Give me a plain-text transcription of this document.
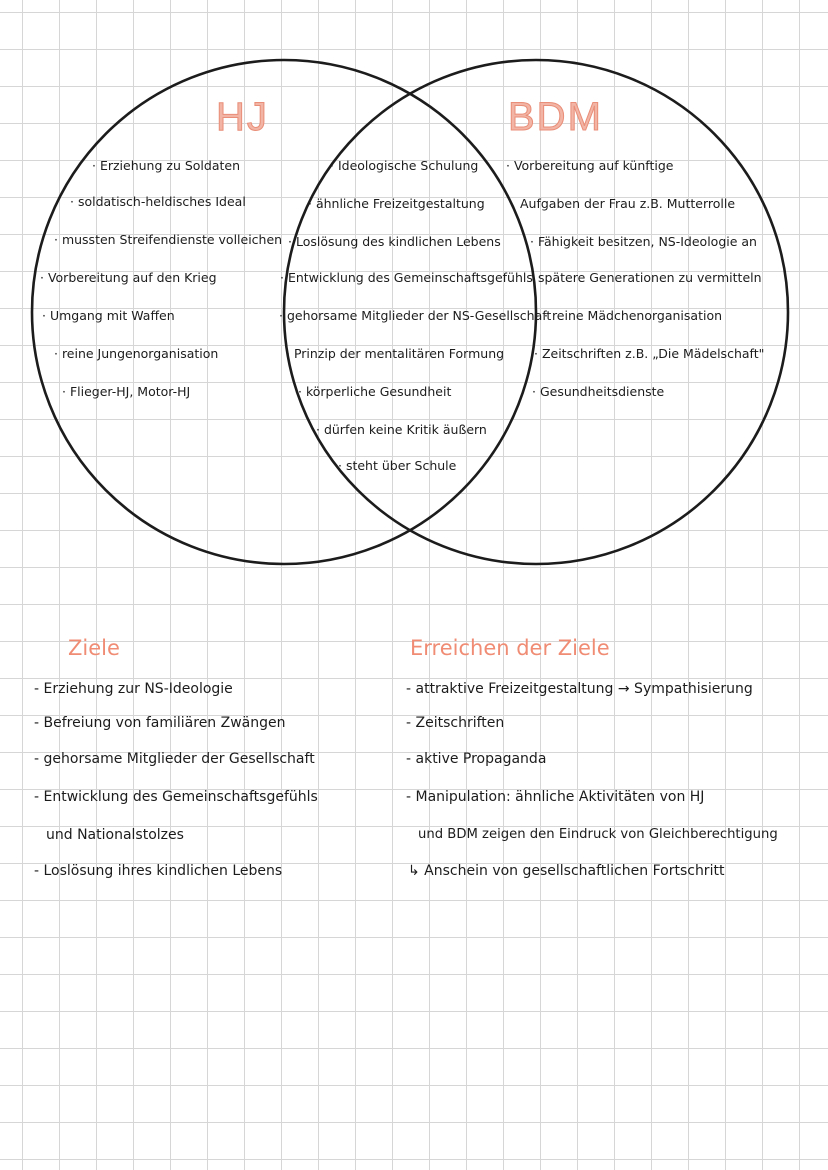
HJ	BDM
· Erziehung zu Soldaten
· soldatisch-heldisches Ideal
· mussten Streifendienste volleichen
· Vorbereitung auf den Krieg
· Umgang mit Waffen
· reine Jungenorganisation
· Flieger-HJ, Motor-HJ
· Ideologische Schulung
· ähnliche Freizeitgestaltung
· Loslösung des kindlichen Lebens
· Entwicklung des Gemeinschaftsgefühls
· gehorsame Mitglieder der NS-Gesellschaft
· Prinzip der mentalitären Formung
· körperliche Gesundheit
· dürfen keine Kritik äußern
· steht über Schule
· Vorbereitung auf künftige
Aufgaben der Frau z.B. Mutterrolle
· Fähigkeit besitzen, NS-Ideologie an
spätere Generationen zu vermitteln
· reine Mädchenorganisation
· Zeitschriften z.B. „Die Mädelschaft"
· Gesundheitsdienste
Ziele
- Erziehung zur NS-Ideologie
- Befreiung von familiären Zwängen
- gehorsame Mitglieder der Gesellschaft
- Entwicklung des Gemeinschaftsgefühls
und Nationalstolzes
- Loslösung ihres kindlichen Lebens
Erreichen der Ziele
- attraktive Freizeitgestaltung → Sympathisierung
- Zeitschriften
- aktive Propaganda
- Manipulation: ähnliche Aktivitäten von HJ
und BDM zeigen den Eindruck von Gleichberechtigung
↳ Anschein von gesellschaftlichen Fortschritt
